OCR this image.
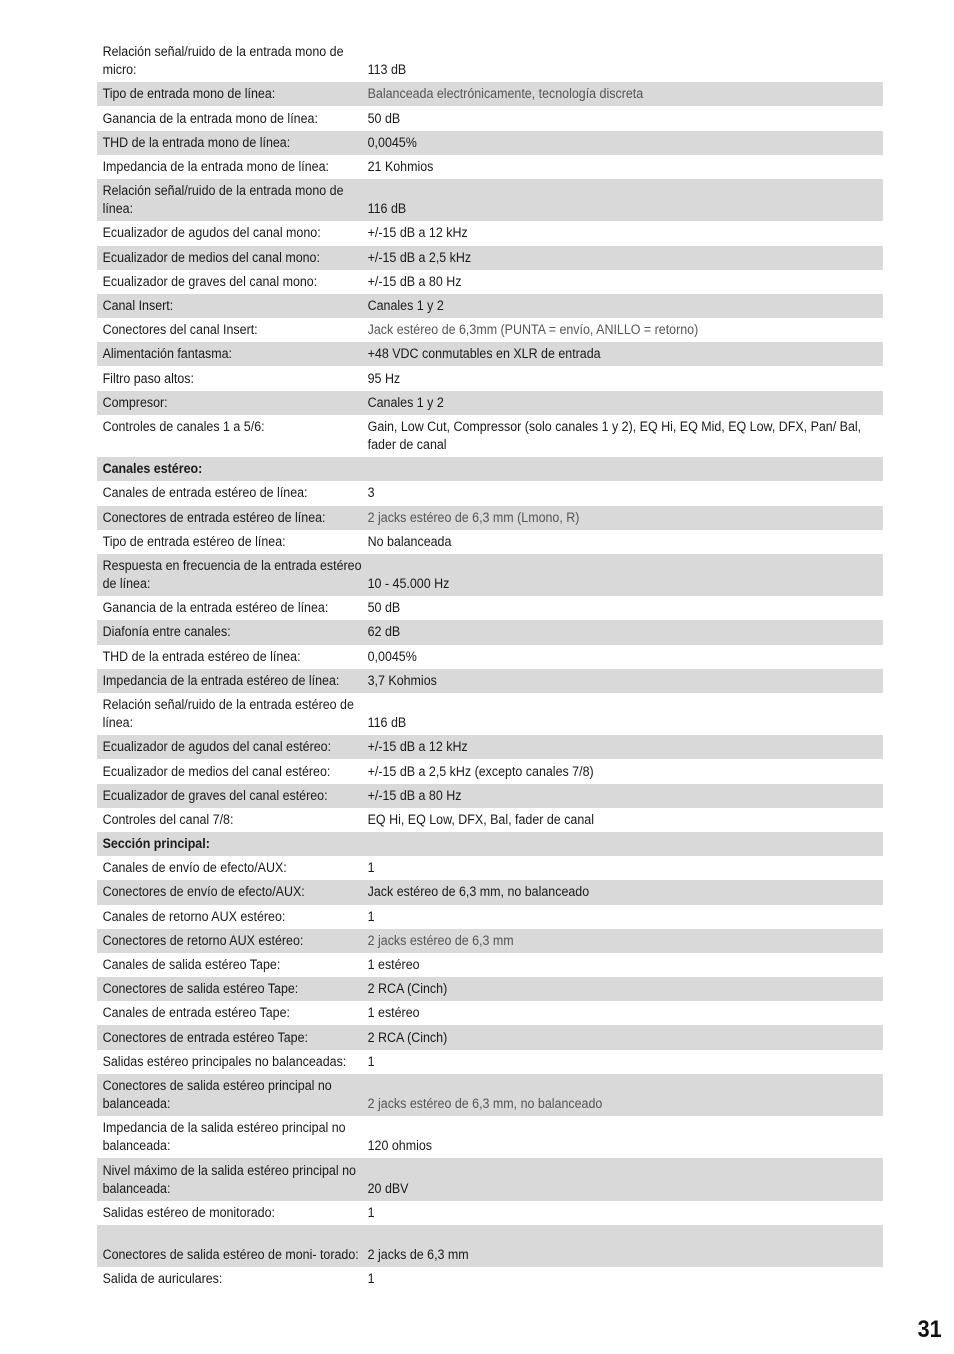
Relación señal/ruido de la entrada mono de micro:	113 dB
Tipo de entrada mono de línea:	Balanceada electrónicamente, tecnología discreta
Ganancia de la entrada mono de línea:	50 dB
THD de la entrada mono de línea:	0,0045%
Impedancia de la entrada mono de línea:	21 Kohmios
Relación señal/ruido de la entrada mono de línea:	116 dB
Ecualizador de agudos del canal mono:	+/-15 dB a 12 kHz
Ecualizador de medios del canal mono:	+/-15 dB a 2,5 kHz
Ecualizador de graves del canal mono:	+/-15 dB a 80 Hz
Canal Insert:	Canales 1 y 2
Conectores del canal Insert:	Jack estéreo de 6,3mm (PUNTA = envío, ANILLO = retorno)
Alimentación fantasma:	+48 VDC conmutables en XLR de entrada
Filtro paso altos:	95 Hz
Compresor:	Canales 1 y 2
Controles de canales 1 a 5/6:	Gain, Low Cut, Compressor (solo canales 1 y 2), EQ Hi, EQ Mid, EQ Low, DFX, Pan/ Bal, fader de canal
Canales estéreo:
Canales de entrada estéreo de línea:	3
Conectores de entrada estéreo de línea:	2 jacks estéreo de 6,3 mm (Lmono, R)
Tipo de entrada estéreo de línea:	No balanceada
Respuesta en frecuencia de la entrada estéreo de línea:	10 - 45.000 Hz
Ganancia de la entrada estéreo de línea:	50 dB
Diafonía entre canales:	62 dB
THD de la entrada estéreo de línea:	0,0045%
Impedancia de la entrada estéreo de línea:	3,7 Kohmios
Relación señal/ruido de la entrada estéreo de línea:	116 dB
Ecualizador de agudos del canal estéreo:	+/-15 dB a 12 kHz
Ecualizador de medios del canal estéreo:	+/-15 dB a 2,5 kHz (excepto canales 7/8)
Ecualizador de graves del canal estéreo:	+/-15 dB a 80 Hz
Controles del canal 7/8:	EQ Hi, EQ Low, DFX, Bal, fader de canal
Sección principal:
Canales de envío de efecto/AUX:	1
Conectores de envío de efecto/AUX:	Jack estéreo de 6,3 mm, no balanceado
Canales de retorno AUX estéreo:	1
Conectores de retorno AUX estéreo:	2 jacks estéreo de 6,3 mm
Canales de salida estéreo Tape:	1 estéreo
Conectores de salida estéreo Tape:	2 RCA (Cinch)
Canales de entrada estéreo Tape:	1 estéreo
Conectores de entrada estéreo Tape:	2 RCA (Cinch)
Salidas estéreo principales no balanceadas:	1
Conectores de salida estéreo principal no balanceada:	2 jacks estéreo de 6,3 mm, no balanceado
Impedancia de la salida estéreo principal no balanceada:	120 ohmios
Nivel máximo de la salida estéreo principal no balanceada:	20 dBV
Salidas estéreo de monitorado:	1
Conectores de salida estéreo de moni- torado: 2 jacks de 6,3 mm
Salida de auriculares:	1
31
